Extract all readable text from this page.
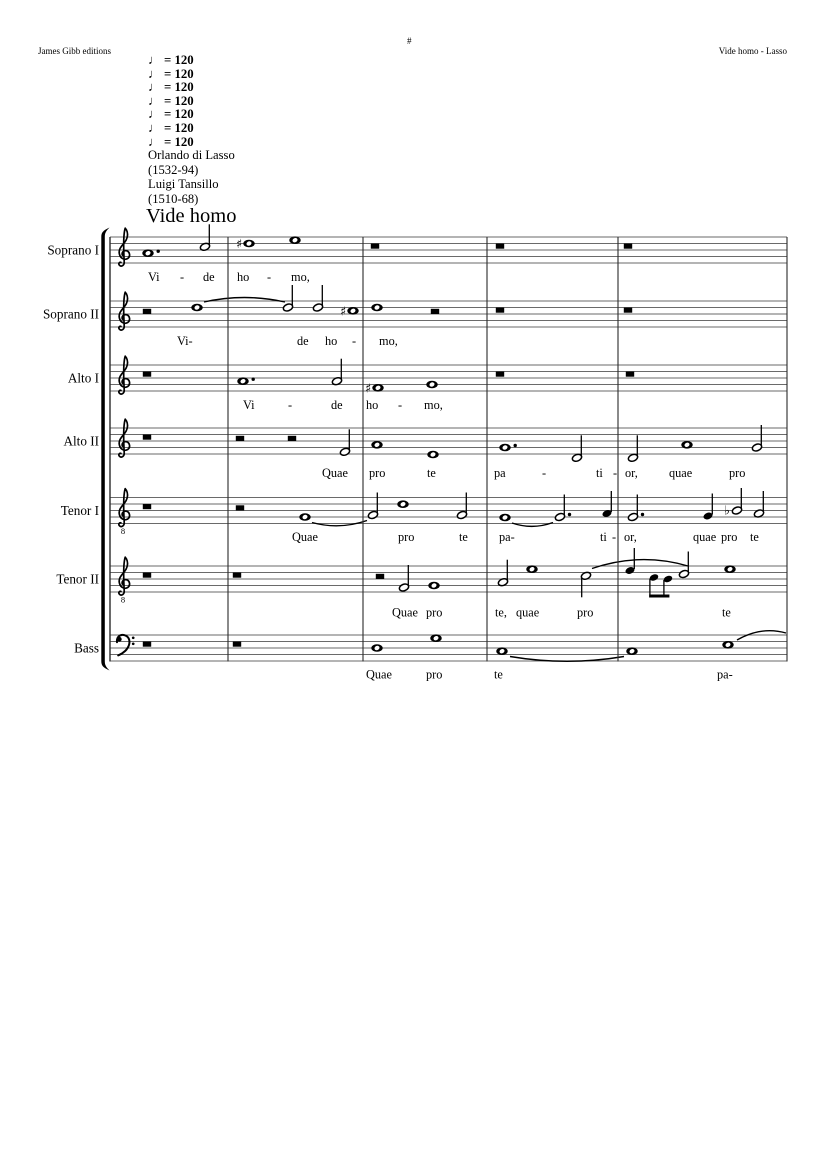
#
James Gibb editions	Vide homo - Lasso
♩ = 120
♩ = 120
♩ = 120
♩ = 120
♩ = 120
♩ = 120
♩ = 120
Orlando di Lasso
(1532-94)
Luigi Tansillo
(1510-68)
Vide homo
Soprano I	♯
Vi - de ho - mo,
Soprano II	♯
Vi-	de ho - mo,
Alto I
♯
Vi	-	de ho - mo,
Alto II
Quae pro	te	pa	-	ti - or,	quae	pro
Tenor I
8
♭
Quae	pro	te	pa-	ti - or,	quae pro te
Tenor II
8
Quae pro	te, quae	pro	te
Bass
Quae	pro	te	pa-
